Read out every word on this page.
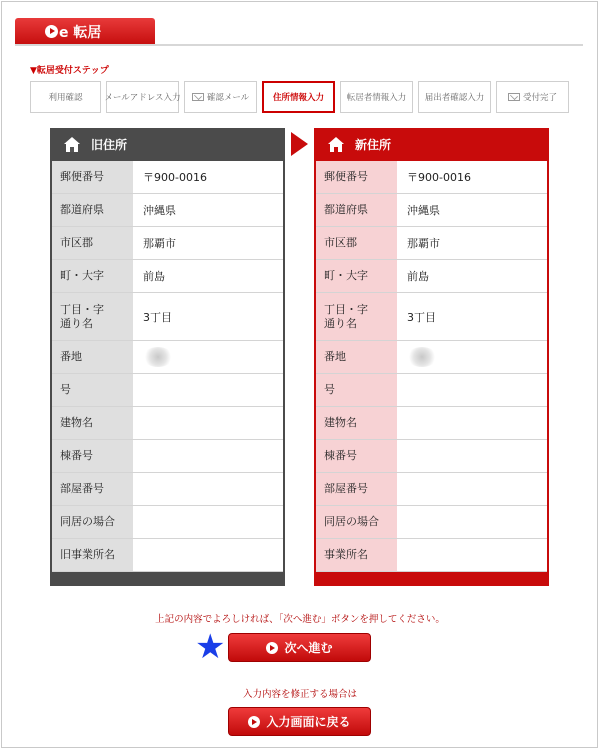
e 転居
▼転居受付ステップ
利用確認	メールアドレス入力	確認メール	住所情報入力	転居者情報入力 届出者確認入力	受付完了
旧住所
郵便番号	〒900-0016
都道府県	沖縄県
市区郡	那覇市
町・大字	前島
丁目・字
通り名	3丁目
番地
号
建物名
棟番号
部屋番号
同居の場合
旧事業所名
新住所
郵便番号	〒900-0016
都道府県	沖縄県
市区郡	那覇市
町・大字	前島
丁目・字
通り名	3丁目
番地
号
建物名
棟番号
部屋番号
同居の場合
事業所名
上記の内容でよろしければ、「次へ進む」ボタンを押してください。
★	次へ進む
入力内容を修正する場合は
入力画面に戻る
